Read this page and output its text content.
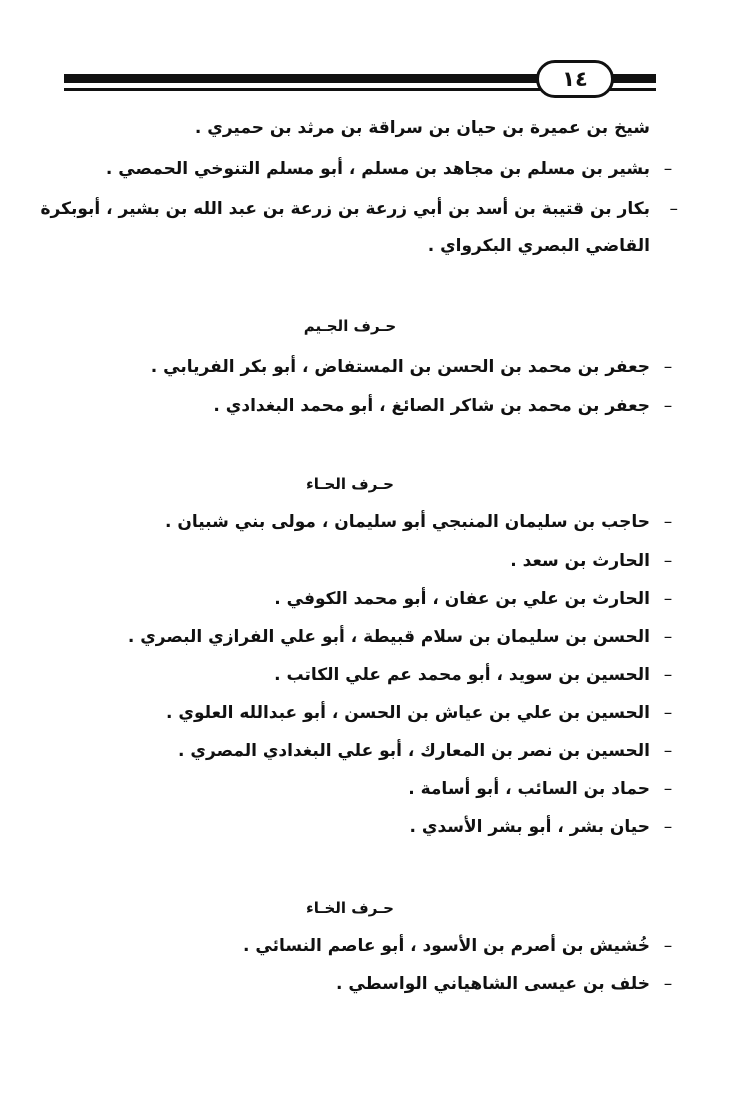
١٤
شيخ بن عميرة بن حيان بن سراقة بن مرثد بن حميري .
–
بشير بن مسلم بن مجاهد بن مسلم ، أبو مسلم التنوخي الحمصي .
–
بكار بن قتيبة بن أسد بن أبي زرعة بن زرعة بن عبد الله بن بشير ، أبوبكرة
القاضي البصري البكرواي .
حـرف الجـيم
–
جعفر بن محمد بن الحسن بن المستفاض ، أبو بكر الفريابي .
–
جعفر بن محمد بن شاكر الصائغ ، أبو محمد البغدادي .
حـرف الحـاء
–
حاجب بن سليمان المنبجي أبو سليمان ، مولى بني شبيان .
–
الحارث بن سعد .
–
الحارث بن علي بن عفان ، أبو محمد الكوفي .
–
الحسن بن سليمان بن سلام قبيطة ، أبو علي الفرازي البصري .
–
الحسين بن سويد ، أبو محمد عم علي الكاتب .
–
الحسين بن علي بن عياش بن الحسن ، أبو عبدالله العلوي .
–
الحسين بن نصر بن المعارك ، أبو علي البغدادي المصري .
–
حماد بن السائب ، أبو أسامة .
–
حيان بشر ، أبو بشر الأسدي .
حـرف الخـاء
–
خُشيش بن أصرم بن الأسود ، أبو عاصم النسائي .
–
خلف بن عيسى الشاهياني الواسطي .
